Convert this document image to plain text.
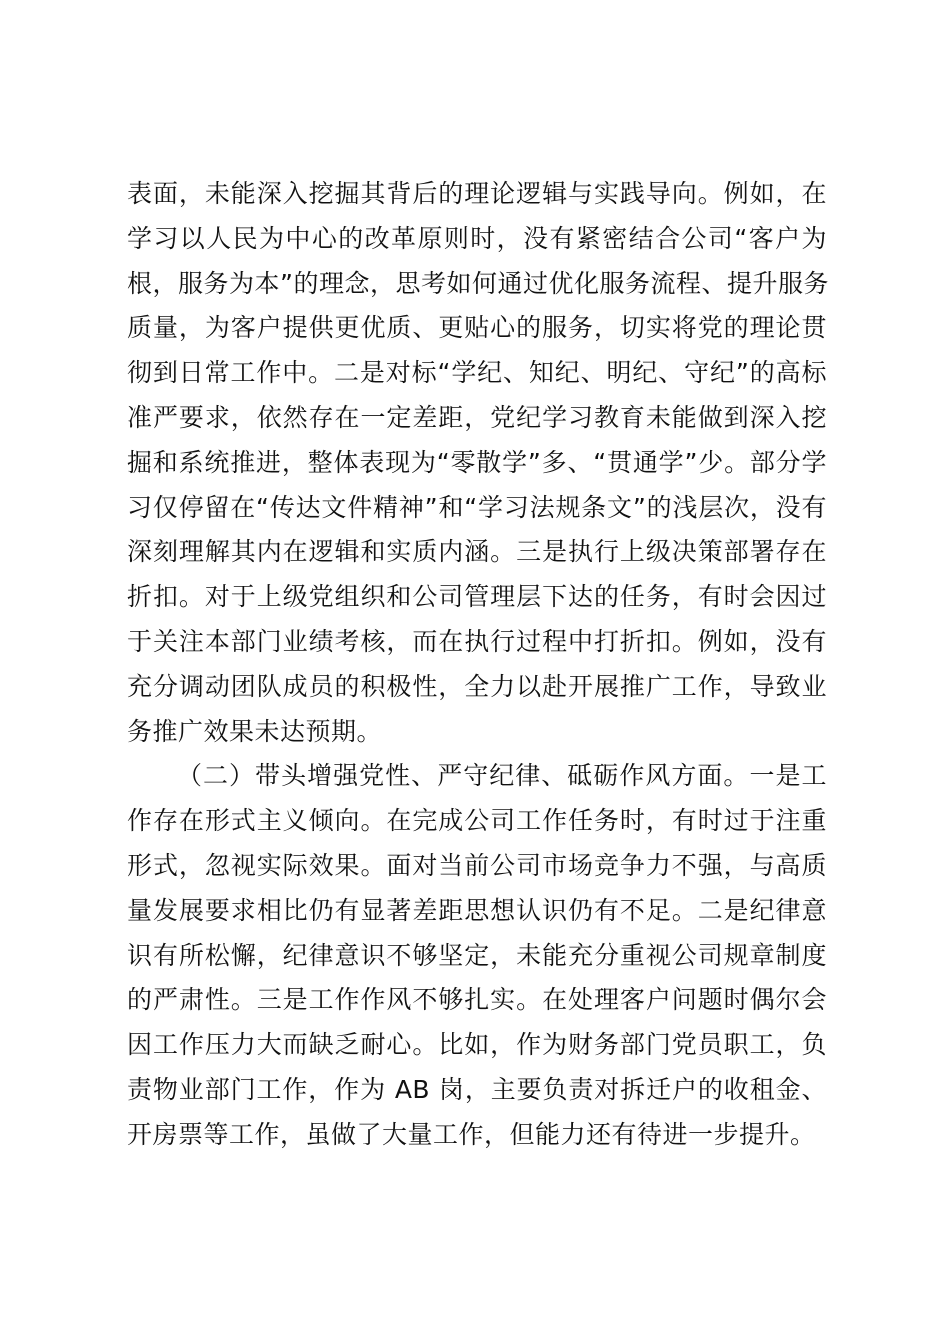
表面，未能深入挖掘其背后的理论逻辑与实践导向。例如，在
学习以人民为中心的改革原则时，没有紧密结合公司“客户为
根，服务为本”的理念，思考如何通过优化服务流程、提升服务
质量，为客户提供更优质、更贴心的服务，切实将党的理论贯
彻到日常工作中。二是对标“学纪、知纪、明纪、守纪”的高标
准严要求，依然存在一定差距，党纪学习教育未能做到深入挖
掘和系统推进，整体表现为“零散学”多、“贯通学”少。部分学
习仅停留在“传达文件精神”和“学习法规条文”的浅层次，没有
深刻理解其内在逻辑和实质内涵。三是执行上级决策部署存在
折扣。对于上级党组织和公司管理层下达的任务，有时会因过
于关注本部门业绩考核，而在执行过程中打折扣。例如，没有
充分调动团队成员的积极性，全力以赴开展推广工作，导致业
务推广效果未达预期。
（二）带头增强党性、严守纪律、砥砺作风方面。一是工
作存在形式主义倾向。在完成公司工作任务时，有时过于注重
形式，忽视实际效果。面对当前公司市场竞争力不强，与高质
量发展要求相比仍有显著差距思想认识仍有不足。二是纪律意
识有所松懈，纪律意识不够坚定，未能充分重视公司规章制度
的严肃性。三是工作作风不够扎实。在处理客户问题时偶尔会
因工作压力大而缺乏耐心。比如，作为财务部门党员职工，负
责物业部门工作，作为 AB 岗，主要负责对拆迁户的收租金、
开房票等工作，虽做了大量工作，但能力还有待进一步提升。
